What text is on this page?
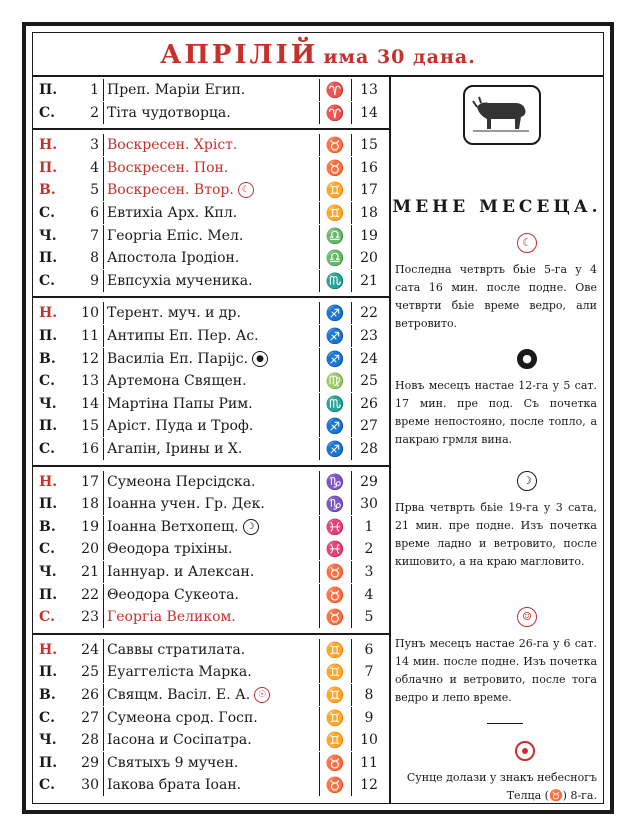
АПРІЛІЙ има 30 дана.
П.	1 Преп. Маріи Егип.	♈	13
С.	2 Тіта чудотворца.	♈	14
Н.	3 Воскресен. Хріст.	♉	15
П.	4 Воскресен. Пон.	♉	16
В.	5 Воскресен. Втор. ☾	♊	17
С.	6 Евтихіа Арх. Кпл.	♊	18
Ч.	7 Георгіа Епіс. Мел.	♎	19
П.	8 Апостола Іродіон.	♎	20
С.	9 Евпсухіа мученика.	♏	21
Н.	10 Терент. муч. и др.	♐	22
П.	11 Антипы Еп. Пер. Ас.	♐	23
В.	12 Василіа Еп. Паріјс. ●	♐	24
С.	13 Артемона Священ.	♍	25
Ч.	14 Мартіна Папы Рим.	♏	26
П.	15 Аріст. Пуда и Троф.	♐	27
С.	16 Агапін, Ірины и Х.	♐	28
Н.	17 Сумеона Персідска.	♑	29
П.	18 Іоанна учен. Гр. Дек.	♑	30
В.	19 Іоанна Ветхопещ. ☽	♓	1
С.	20 Θеодора тріхіны.	♓	2
Ч.	21 Іаннуар. и Алексан.	♉	3
П.	22 Θеодора Сукеота.	♉	4
С.	23 Георгіа Великом.	♉	5
Н.	24 Саввы стратилата.	♊	6
П.	25 Еуаггеліста Марка.	♊	7
В.	26 Свящм. Васіл. Е. А. ☉	♊	8
С.	27 Сумеона срод. Госп.	♊	9
Ч.	28 Іасона и Сосіпатра.	♊	10
П.	29 Святыхъ 9 мучен.	♉	11
С.	30 Іакова брата Іоан.	♉	12
МЕНЕ МЕСЕЦА.
☾
Последна четврть бьіе 5-га у 4 сата 16 мин. после подне. Ове четврти бьіе време ведро, али ветровито.
●
Новъ месецъ настае 12-га у 5 сат. 17 мин. пре под. Съ почетка време непостояно, после топло, а пакраю грмля вина.
☽
Прва четврть бьіе 19-га у 3 сата, 21 мин. пре подне. Изъ почетка време ладно и ветровито, после кишовито, а на краю магловито.
☺
Пунъ месецъ настае 26-га у 6 сат. 14 мин. после подне. Изъ почетка облачно и ветровито, после тога ведро и лепо време.
Сунце долази у знакъ небесногъ Телца (♉) 8-га.
